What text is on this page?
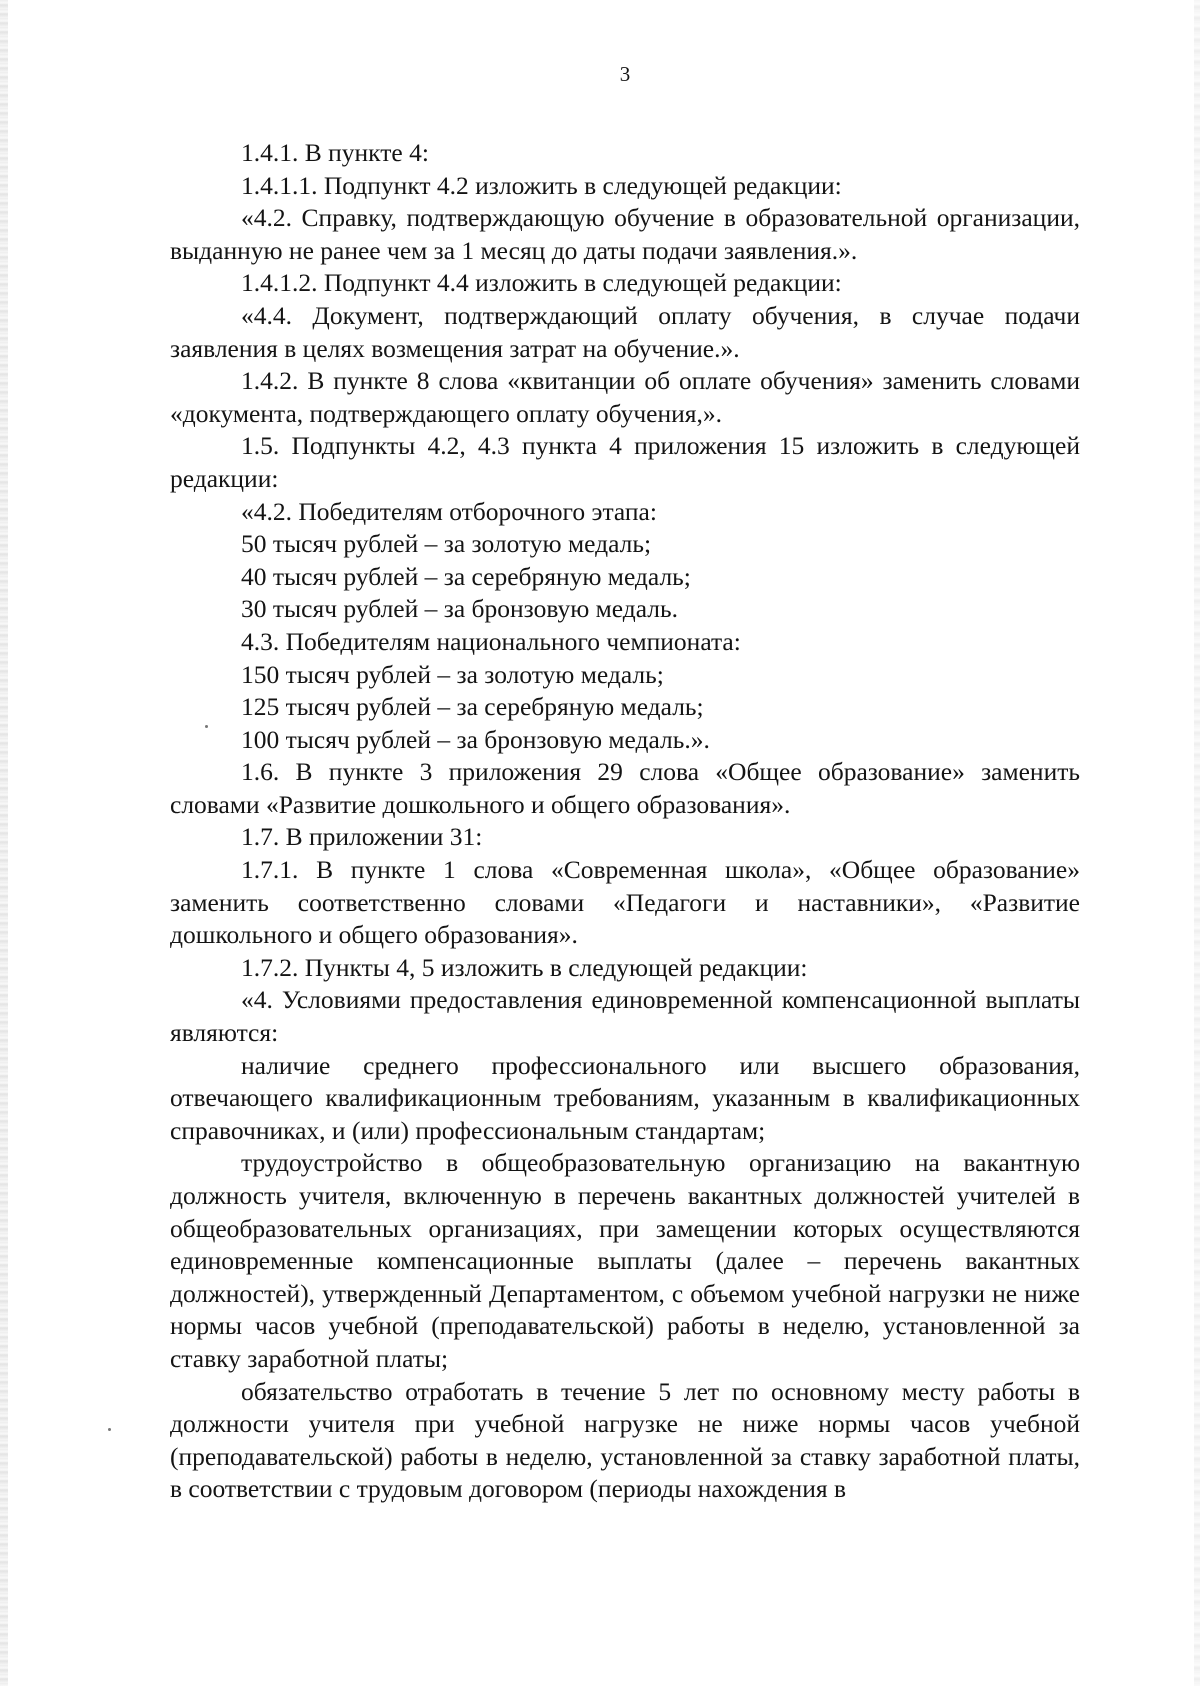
3

1.4.1. В пункте 4:

1.4.1.1. Подпункт 4.2 изложить в следующей редакции:

«4.2. Справку, подтверждающую обучение в образовательной организации, выданную не ранее чем за 1 месяц до даты подачи заявления.».

1.4.1.2. Подпункт 4.4 изложить в следующей редакции:

«4.4. Документ, подтверждающий оплату обучения, в случае подачи заявления в целях возмещения затрат на обучение.».

1.4.2. В пункте 8 слова «квитанции об оплате обучения» заменить словами «документа, подтверждающего оплату обучения,».

1.5. Подпункты 4.2, 4.3 пункта 4 приложения 15 изложить в следующей редакции:

«4.2. Победителям отборочного этапа:

50 тысяч рублей – за золотую медаль;

40 тысяч рублей – за серебряную медаль;

30 тысяч рублей – за бронзовую медаль.

4.3. Победителям национального чемпионата:

150 тысяч рублей – за золотую медаль;

125 тысяч рублей – за серебряную медаль;

100 тысяч рублей – за бронзовую медаль.».

1.6. В пункте 3 приложения 29 слова «Общее образование» заменить словами «Развитие дошкольного и общего образования».

1.7. В приложении 31:

1.7.1. В пункте 1 слова «Современная школа», «Общее образование» заменить соответственно словами «Педагоги и наставники», «Развитие дошкольного и общего образования».

1.7.2. Пункты 4, 5 изложить в следующей редакции:

«4. Условиями предоставления единовременной компенсационной выплаты являются:

наличие среднего профессионального или высшего образования, отвечающего квалификационным требованиям, указанным в квалификационных справочниках, и (или) профессиональным стандартам;

трудоустройство в общеобразовательную организацию на вакантную должность учителя, включенную в перечень вакантных должностей учителей в общеобразовательных организациях, при замещении которых осуществляются единовременные компенсационные выплаты (далее – перечень вакантных должностей), утвержденный Департаментом, с объемом учебной нагрузки не ниже нормы часов учебной (преподавательской) работы в неделю, установленной за ставку заработной платы;

обязательство отработать в течение 5 лет по основному месту работы в должности учителя при учебной нагрузке не ниже нормы часов учебной (преподавательской) работы в неделю, установленной за ставку заработной платы, в соответствии с трудовым договором (периоды нахождения в
